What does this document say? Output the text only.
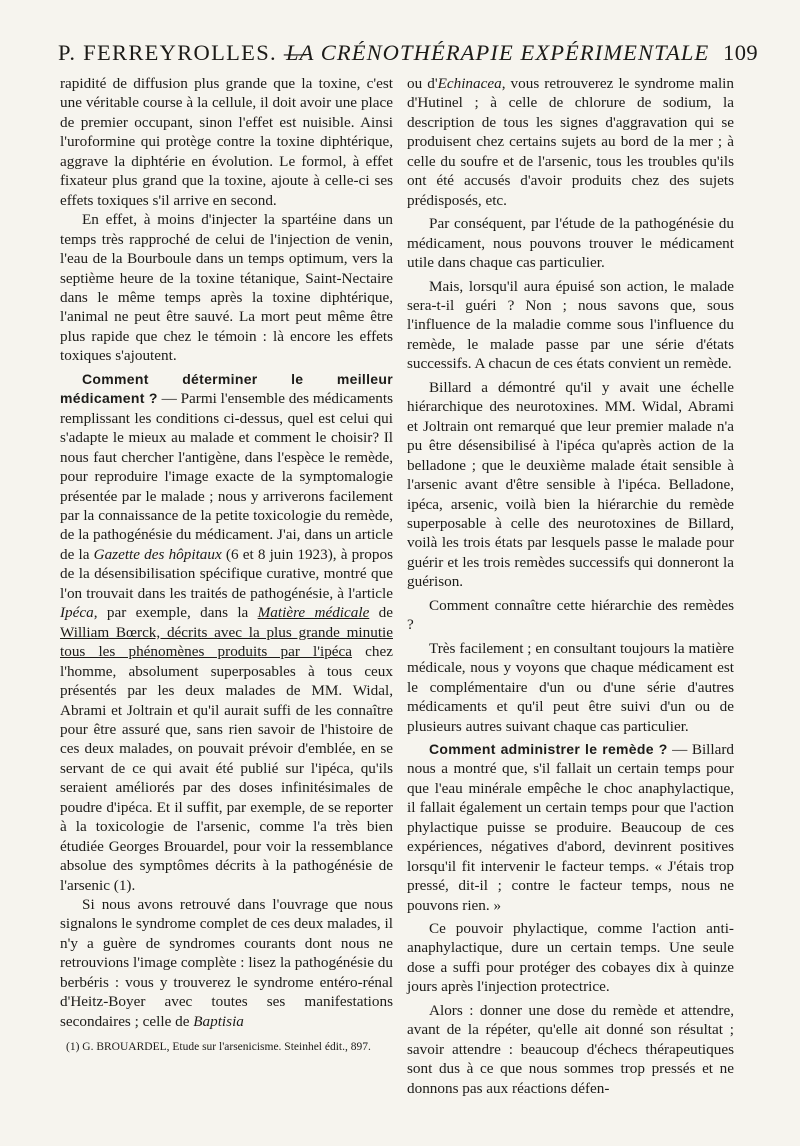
P. FERREYROLLES. —
LA CRÉNOTHÉRAPIE EXPÉRIMENTALE 109

rapidité de diffusion plus grande que la toxine, c'est une véritable course à la cellule, il doit avoir une place de premier occupant, sinon l'effet est nuisible. Ainsi l'uroformine qui protège contre la toxine diphtérique, aggrave la diphtérie en évolution. Le formol, à effet fixateur plus grand que la toxine, ajoute à celle-ci ses effets toxiques s'il arrive en second.

En effet, à moins d'injecter la spartéine dans un temps très rapproché de celui de l'injection de venin, l'eau de la Bourboule dans un temps optimum, vers la septième heure de la toxine tétanique, Saint-Nectaire dans le même temps après la toxine diphtérique, l'animal ne peut être sauvé. La mort peut même être plus rapide que chez le témoin : là encore les effets toxiques s'ajoutent.

Comment déterminer le meilleur médicament ? — Parmi l'ensemble des médicaments remplissant les conditions ci-dessus, quel est celui qui s'adapte le mieux au malade et comment le choisir? Il nous faut chercher l'antigène, dans l'espèce le remède, pour reproduire l'image exacte de la symptomalogie présentée par le malade ; nous y arriverons facilement par la connaissance de la petite toxicologie du remède, de la pathogénésie du médicament. J'ai, dans un article de la Gazette des hôpitaux (6 et 8 juin 1923), à propos de la désensibilisation spécifique curative, montré que l'on trouvait dans les traités de pathogénésie, à l'article Ipéca, par exemple, dans la Matière médicale de William Bœrck, décrits avec la plus grande minutie tous les phénomènes produits par l'ipéca chez l'homme, absolument superposables à tous ceux présentés par les deux malades de MM. Widal, Abrami et Joltrain et qu'il aurait suffi de les connaître pour être assuré que, sans rien savoir de l'histoire de ces deux malades, on pouvait prévoir d'emblée, en se servant de ce qui avait été publié sur l'ipéca, qu'ils seraient améliorés par des doses infinitésimales de poudre d'ipéca. Et il suffit, par exemple, de se reporter à la toxicologie de l'arsenic, comme l'a très bien étudiée Georges Brouardel, pour voir la ressemblance absolue des symptômes décrits à la pathogénésie de l'arsenic (1).

Si nous avons retrouvé dans l'ouvrage que nous signalons le syndrome complet de ces deux malades, il n'y a guère de syndromes courants dont nous ne retrouvions l'image complète : lisez la pathogénésie du berbéris : vous y trouverez le syndrome entéro-rénal d'Heitz-Boyer avec toutes ses manifestations secondaires ; celle de Baptisia

(1) G. BROUARDEL, Etude sur l'arsenicisme. Steinhel édit., 897.

ou d'Echinacea, vous retrouverez le syndrome malin d'Hutinel ; à celle de chlorure de sodium, la description de tous les signes d'aggravation qui se produisent chez certains sujets au bord de la mer ; à celle du soufre et de l'arsenic, tous les troubles qu'ils ont été accusés d'avoir produits chez des sujets prédisposés, etc.

Par conséquent, par l'étude de la pathogénésie du médicament, nous pouvons trouver le médicament utile dans chaque cas particulier.

Mais, lorsqu'il aura épuisé son action, le malade sera-t-il guéri ? Non ; nous savons que, sous l'influence de la maladie comme sous l'influence du remède, le malade passe par une série d'états successifs. A chacun de ces états convient un remède.

Billard a démontré qu'il y avait une échelle hiérarchique des neurotoxines. MM. Widal, Abrami et Joltrain ont remarqué que leur premier malade n'a pu être désensibilisé à l'ipéca qu'après action de la belladone ; que le deuxième malade était sensible à l'arsenic avant d'être sensible à l'ipéca. Belladone, ipéca, arsenic, voilà bien la hiérarchie du remède superposable à celle des neurotoxines de Billard, voilà les trois états par lesquels passe le malade pour guérir et les trois remèdes successifs qui donneront la guérison.

Comment connaître cette hiérarchie des remèdes ?

Très facilement ; en consultant toujours la matière médicale, nous y voyons que chaque médicament est le complémentaire d'un ou d'une série d'autres médicaments et qu'il peut être suivi d'un ou de plusieurs autres suivant chaque cas particulier.

Comment administrer le remède ? — Billard nous a montré que, s'il fallait un certain temps pour que l'eau minérale empêche le choc anaphylactique, il fallait également un certain temps pour que l'action phylactique puisse se produire. Beaucoup de ces expériences, négatives d'abord, devinrent positives lorsqu'il fit intervenir le facteur temps. « J'étais trop pressé, dit-il ; contre le facteur temps, nous ne pouvons rien. »

Ce pouvoir phylactique, comme l'action anti-anaphylactique, dure un certain temps. Une seule dose a suffi pour protéger des cobayes dix à quinze jours après l'injection protectrice.

Alors : donner une dose du remède et attendre, avant de la répéter, qu'elle ait donné son résultat ; savoir attendre : beaucoup d'échecs thérapeutiques sont dus à ce que nous sommes trop pressés et ne donnons pas aux réactions défen-
